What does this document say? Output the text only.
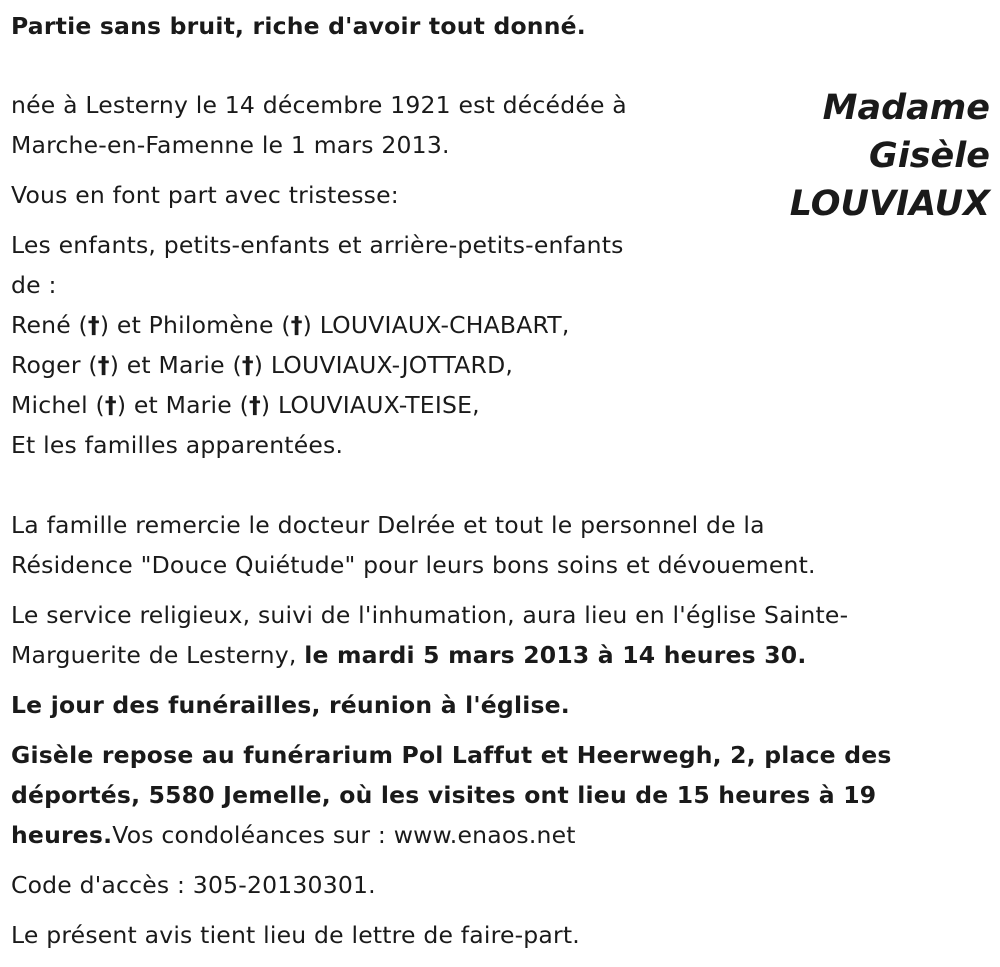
Partie sans bruit, riche d'avoir tout donné.

Madame
Gisèle
LOUVIAUX

née à Lesterny le 14 décembre 1921 est décédée à

Marche-en-Famenne le 1 mars 2013.

Vous en font part avec tristesse:

Les enfants, petits-enfants et arrière-petits-enfants

de :

René (†) et Philomène (†) LOUVIAUX-CHABART,

Roger (†) et Marie (†) LOUVIAUX-JOTTARD,

Michel (†) et Marie (†) LOUVIAUX-TEISE,

Et les familles apparentées.

La famille remercie le docteur Delrée et tout le personnel de la

Résidence "Douce Quiétude" pour leurs bons soins et dévouement.

Le service religieux, suivi de l'inhumation, aura lieu en l'église Sainte-

Marguerite de Lesterny, le mardi 5 mars 2013 à 14 heures 30.

Le jour des funérailles, réunion à l'église.

Gisèle repose au funérarium Pol Laffut et Heerwegh, 2, place des

déportés, 5580 Jemelle, où les visites ont lieu de 15 heures à 19

heures.Vos condoléances sur : www.enaos.net

Code d'accès : 305-20130301.

Le présent avis tient lieu de lettre de faire-part.
